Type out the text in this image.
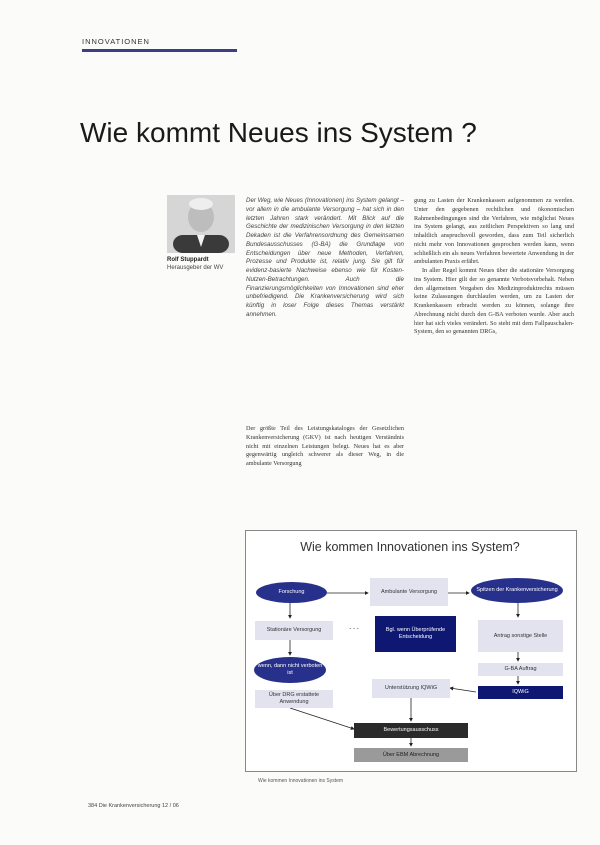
INNOVATIONEN
Wie kommt Neues ins System ?
Rolf Stuppardt
Herausgeber der WV

Der Weg, wie Neues (Innovationen) ins System gelangt – vor allem in die ambulante Versorgung – hat sich in den letzten Jahren stark verändert. Mit Blick auf die Geschichte der medizinischen Versorgung in den letzten Dekaden ist die Verfahrensordnung des Gemeinsamen Bundesausschusses (G-BA) die Grundlage von Entscheidungen über neue Methoden, Verfahren, Prozesse und Produkte ist, relativ jung. Sie gilt für evidenz-basierte Nachweise ebenso wie für Kosten-Nutzen-Betrachtungen. Auch die Finanzierungsmöglichkeiten von Innovationen sind eher unbefriedigend. Die Krankenversicherung wird sich künftig in loser Folge dieses Themas verstärkt annehmen.

Der größte Teil des Leistungskataloges der Gesetzlichen Krankenversicherung (GKV) ist nach heutigen Verständnis nicht mit einzelnen Leistungen belegt. Neues hat es aber gegenwärtig ungleich schwerer als dieser Weg, in die ambulante Versorgung

gung zu Lasten der Krankenkassen aufgenommen zu werden. Unter den gegebenen rechtlichen und ökonomischen Rahmenbedingungen sind die Verfahren, wie möglichst Neues ins System gelangt, aus zeitlichen Perspektiven so lang und inhaltlich anspruchsvoll geworden, dass zum Teil sicherlich nicht mehr von Innovationen gesprochen werden kann, wenn schließlich ein als neues Verfahren bewertete Anwendung in der ambulanten Praxis erfährt.

In aller Regel kommt Neues über die stationäre Versorgung ins System. Hier gilt der so genannte Verbotsvorbehalt. Neben den allgemeinen Vorgaben des Medizinproduktrechts müssen keine Zulassungen durchlaufen werden, um zu Lasten der Krankenkassen erbracht werden zu können, solange ihre Abrechnung nicht durch den G-BA verboten wurde. Aber auch hier hat sich vieles verändert. So steht mit dem Fallpauschalen-System, den so genannten DRGs,

Wie kommen Innovationen ins System?
- - -
Forschung	Ambulante Versorgung	Spitzen der Krankenversicherung
Stationäre Versorgung	Bgl. wenn Überprüfende Entscheidung	Antrag sonstige Stelle
wenn, dann nicht verboten ist
G-BA Auftrag
Unterstützung IQWiG
IQWiG
Über DRG erstattete Anwendung
Bewertungsausschuss
Über EBM Abrechnung
Wie kommen Innovationen ins System
384 Die Krankenversicherung 12 / 06
